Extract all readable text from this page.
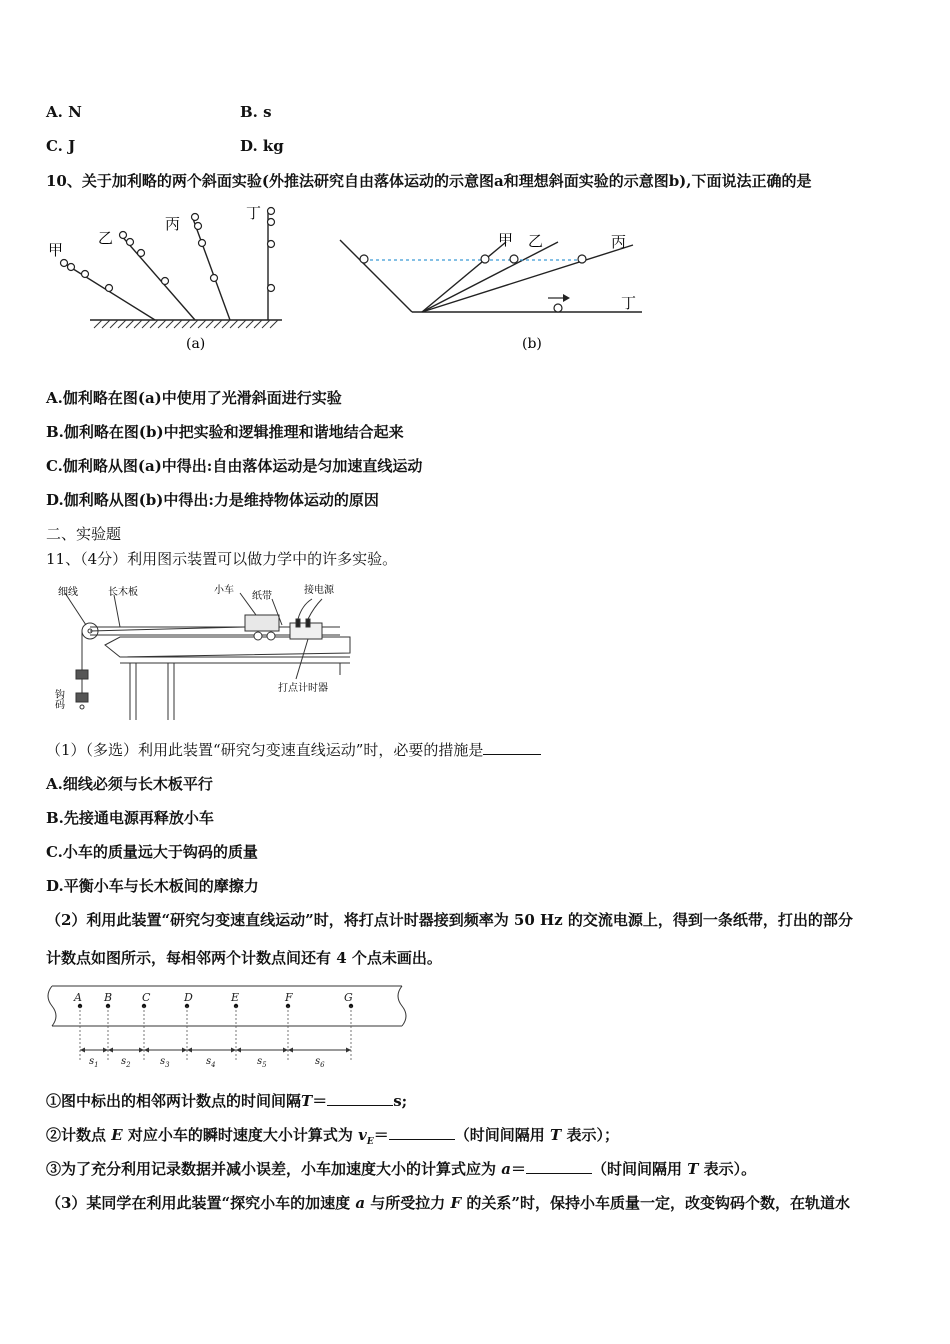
A. N	B. s
C. J	D. kg
10、关于加利略的两个斜面实验(外推法研究自由落体运动的示意图a和理想斜面实验的示意图b),下面说法正确的是
甲
乙
丙
丁
(a)
甲 乙	丙
丁
(b)
A.伽利略在图(a)中使用了光滑斜面进行实验
B.伽利略在图(b)中把实验和逻辑推理和谐地结合起来
C.伽利略从图(a)中得出:自由落体运动是匀加速直线运动
D.伽利略从图(b)中得出:力是维持物体运动的原因
二、实验题
11、（4分）利用图示装置可以做力学中的许多实验。
细线	长木板	小车
纸带
接电源
打点计时器
钩码
（1）（多选）利用此装置“研究匀变速直线运动”时，必要的措施是
A.细线必须与长木板平行
B.先接通电源再释放小车
C.小车的质量远大于钩码的质量
D.平衡小车与长木板间的摩擦力
（2）利用此装置“研究匀变速直线运动”时，将打点计时器接到频率为 50 Hz 的交流电源上，得到一条纸带，打出的部分
计数点如图所示，每相邻两个计数点间还有 4 个点未画出。
A B	C	D	E	F	G
$s_1$ $s_2$	$s_3$	$s_4$	$s_5$	$s_6$
①图中标出的相邻两计数点的时间间隔T＝	s;
②计数点 E 对应小车的瞬时速度大小计算式为 $v_E=$	（时间间隔用 T 表示）；
③为了充分利用记录数据并减小误差，小车加速度大小的计算式应为 a＝	（时间间隔用 T 表示）。
（3）某同学在利用此装置“探究小车的加速度 a 与所受拉力 F 的关系”时，保持小车质量一定，改变钩码个数，在轨道水
